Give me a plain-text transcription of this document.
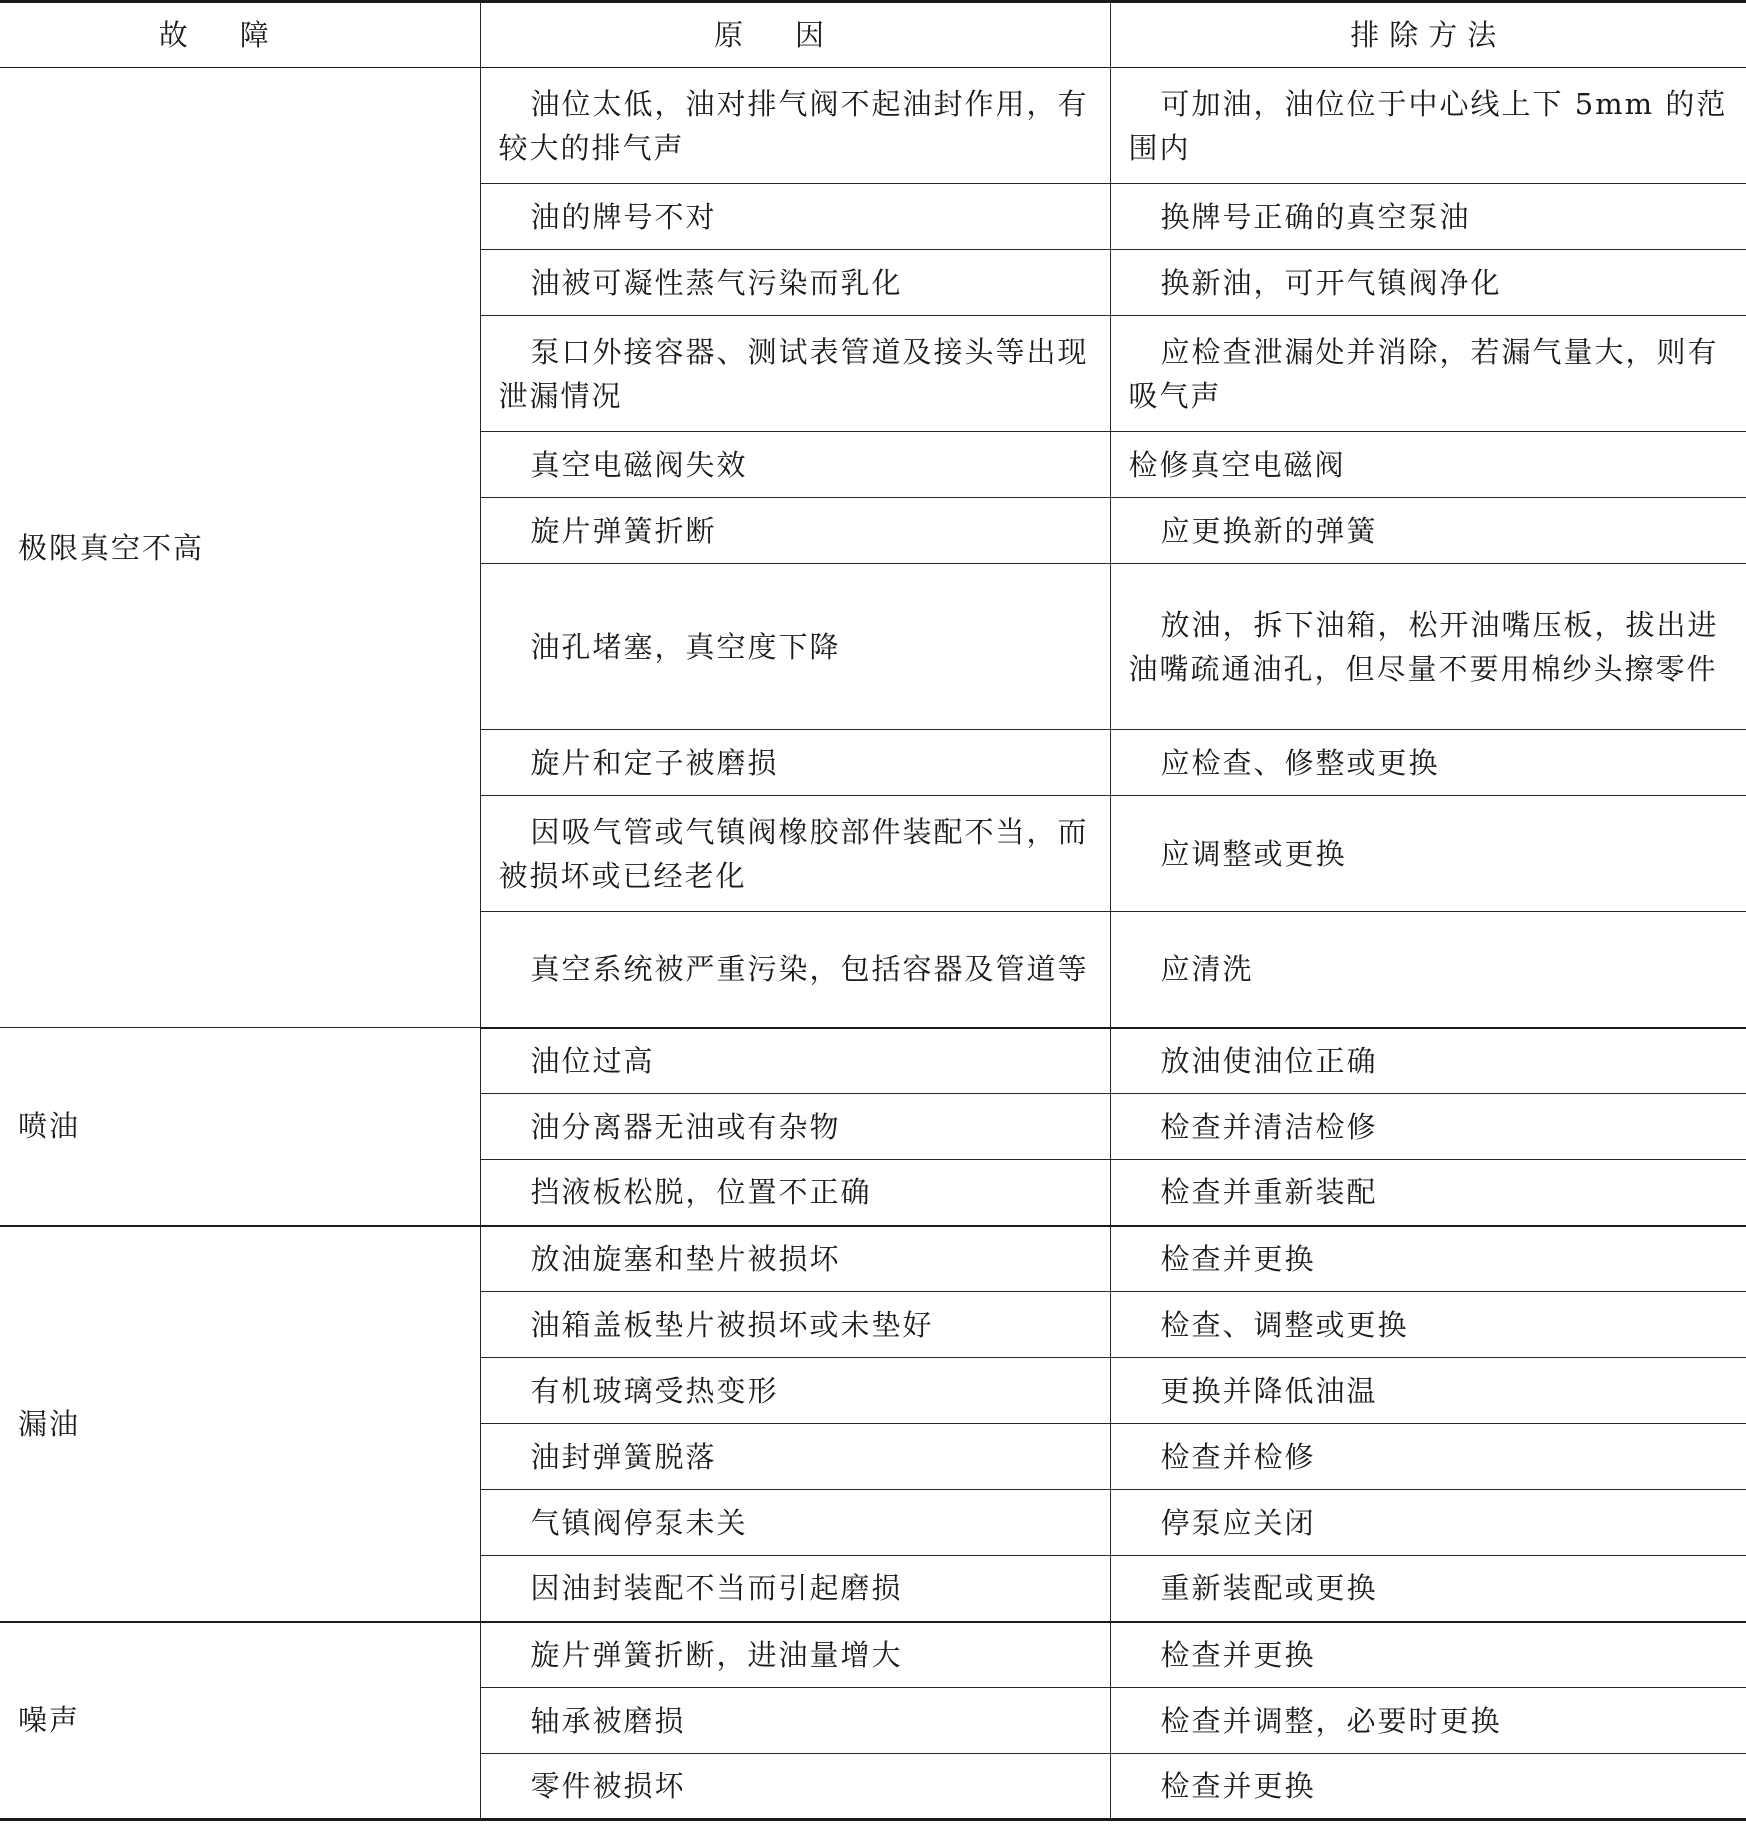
故障	原因	排除方法
极限真空不高	油位太低，油对排气阀不起油封作用，有较大的排气声	可加油，油位位于中心线上下 5mm 的范围内
	油的牌号不对	换牌号正确的真空泵油
	油被可凝性蒸气污染而乳化	换新油，可开气镇阀净化
	泵口外接容器、测试表管道及接头等出现泄漏情况	应检查泄漏处并消除，若漏气量大，则有吸气声
	真空电磁阀失效	检修真空电磁阀
	旋片弹簧折断	应更换新的弹簧
	油孔堵塞，真空度下降	放油，拆下油箱，松开油嘴压板，拔出进油嘴疏通油孔，但尽量不要用棉纱头擦零件
	旋片和定子被磨损	应检查、修整或更换
	因吸气管或气镇阀橡胶部件装配不当，而被损坏或已经老化	应调整或更换
	真空系统被严重污染，包括容器及管道等	应清洗
喷油	油位过高	放油使油位正确
	油分离器无油或有杂物	检查并清洁检修
	挡液板松脱，位置不正确	检查并重新装配
漏油	放油旋塞和垫片被损坏	检查并更换
	油箱盖板垫片被损坏或未垫好	检查、调整或更换
	有机玻璃受热变形	更换并降低油温
	油封弹簧脱落	检查并检修
	气镇阀停泵未关	停泵应关闭
	因油封装配不当而引起磨损	重新装配或更换
噪声	旋片弹簧折断，进油量增大	检查并更换
	轴承被磨损	检查并调整，必要时更换
	零件被损坏	检查并更换
